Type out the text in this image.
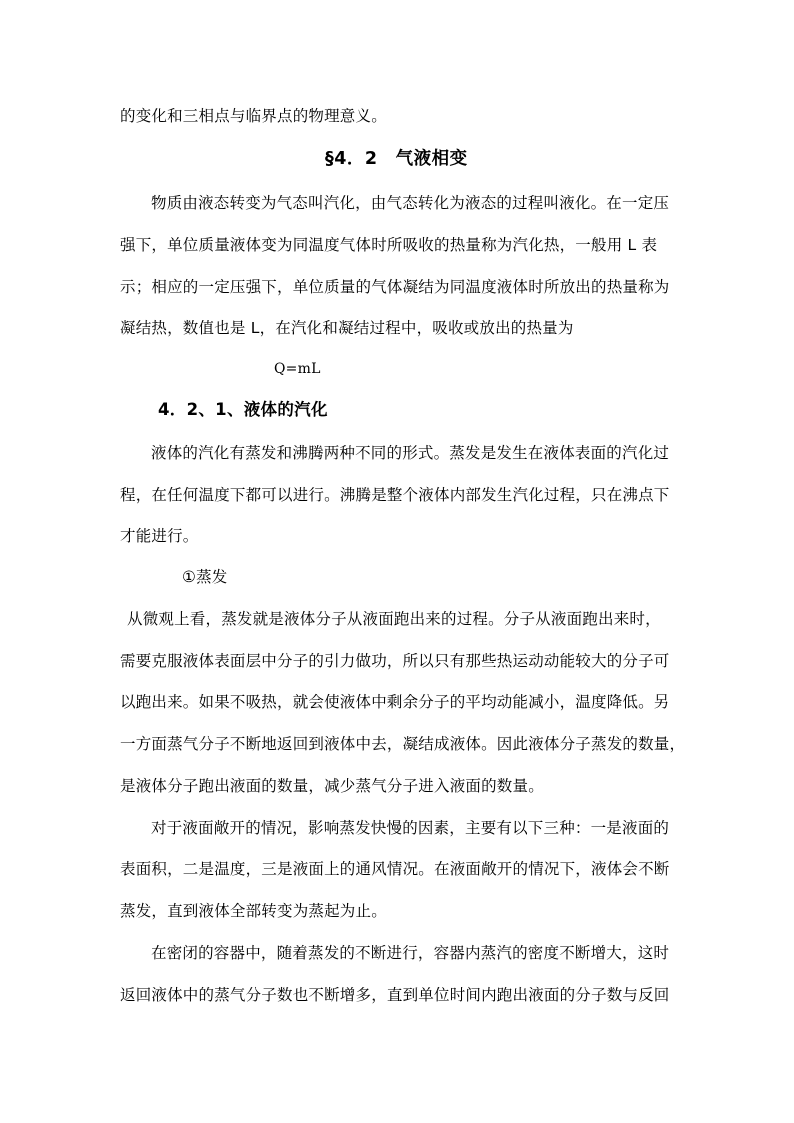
的变化和三相点与临界点的物理意义。
§4．2　气液相变
物质由液态转变为气态叫汽化，由气态转化为液态的过程叫液化。在一定压
强下，单位质量液体变为同温度气体时所吸收的热量称为汽化热，一般用 L 表
示；相应的一定压强下，单位质量的气体凝结为同温度液体时所放出的热量称为
凝结热，数值也是 L，在汽化和凝结过程中，吸收或放出的热量为
Q=mL
4．2、1、液体的汽化
液体的汽化有蒸发和沸腾两种不同的形式。蒸发是发生在液体表面的汽化过
程，在任何温度下都可以进行。沸腾是整个液体内部发生汽化过程，只在沸点下
才能进行。
①蒸发
从微观上看，蒸发就是液体分子从液面跑出来的过程。分子从液面跑出来时，
需要克服液体表面层中分子的引力做功，所以只有那些热运动动能较大的分子可
以跑出来。如果不吸热，就会使液体中剩余分子的平均动能减小，温度降低。另
一方面蒸气分子不断地返回到液体中去，凝结成液体。因此液体分子蒸发的数量，
是液体分子跑出液面的数量，减少蒸气分子进入液面的数量。
对于液面敞开的情况，影响蒸发快慢的因素，主要有以下三种：一是液面的
表面积，二是温度，三是液面上的通风情况。在液面敞开的情况下，液体会不断
蒸发，直到液体全部转变为蒸起为止。
在密闭的容器中，随着蒸发的不断进行，容器内蒸汽的密度不断增大，这时
返回液体中的蒸气分子数也不断增多，直到单位时间内跑出液面的分子数与反回
